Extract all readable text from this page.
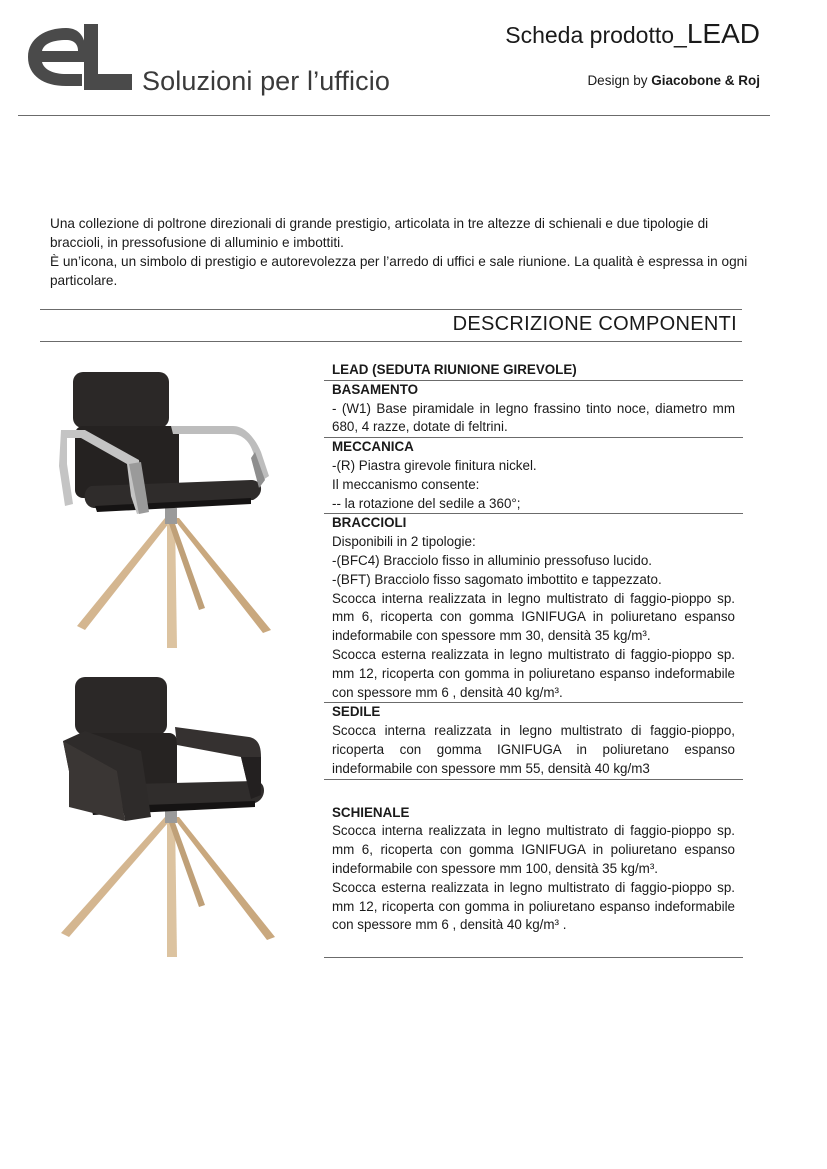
Soluzioni per l’ufficio
Scheda prodotto_LEAD
Design by Giacobone & Roj

Una collezione di poltrone direzionali di grande prestigio, articolata in tre altezze di schienali e due tipologie di braccioli, in pressofusione di alluminio e imbottiti.

È un’icona, un simbolo di prestigio e autorevolezza per l’arredo di uffici e sale riunione. La qualità è espressa in ogni particolare.

DESCRIZIONE COMPONENTI
LEAD (SEDUTA RIUNIONE GIREVOLE)
BASAMENTO

- (W1) Base piramidale in legno frassino tinto noce, diametro mm 680, 4 razze, dotate di feltrini.

MECCANICA

-(R) Piastra girevole finitura nickel.

Il meccanismo consente:

-- la rotazione del sedile a 360°;

BRACCIOLI

Disponibili in 2 tipologie:

-(BFC4) Bracciolo fisso in alluminio pressofuso lucido.

-(BFT) Bracciolo fisso sagomato imbottito e tappezzato.

Scocca interna realizzata in legno multistrato di faggio-pioppo sp. mm 6, ricoperta con gomma IGNIFUGA in poliuretano espanso indeformabile con spessore mm 30, densità 35 kg/m³.

Scocca esterna realizzata in legno multistrato di faggio-pioppo sp. mm 12, ricoperta con gomma in poliuretano espanso indeformabile con spessore mm 6 , densità 40 kg/m³.

SEDILE

Scocca interna realizzata in legno multistrato di faggio-pioppo, ricoperta con gomma IGNIFUGA in poliuretano espanso indeformabile con spessore mm 55, densità 40 kg/m3

SCHIENALE

Scocca interna realizzata in legno multistrato di faggio-pioppo sp. mm 6, ricoperta con gomma IGNIFUGA in poliuretano espanso indeformabile con spessore mm 100, densità 35 kg/m³.

Scocca esterna realizzata in legno multistrato di faggio-pioppo sp. mm 12, ricoperta con gomma in poliuretano espanso indeformabile con spessore mm 6 , densità 40 kg/m³ .
